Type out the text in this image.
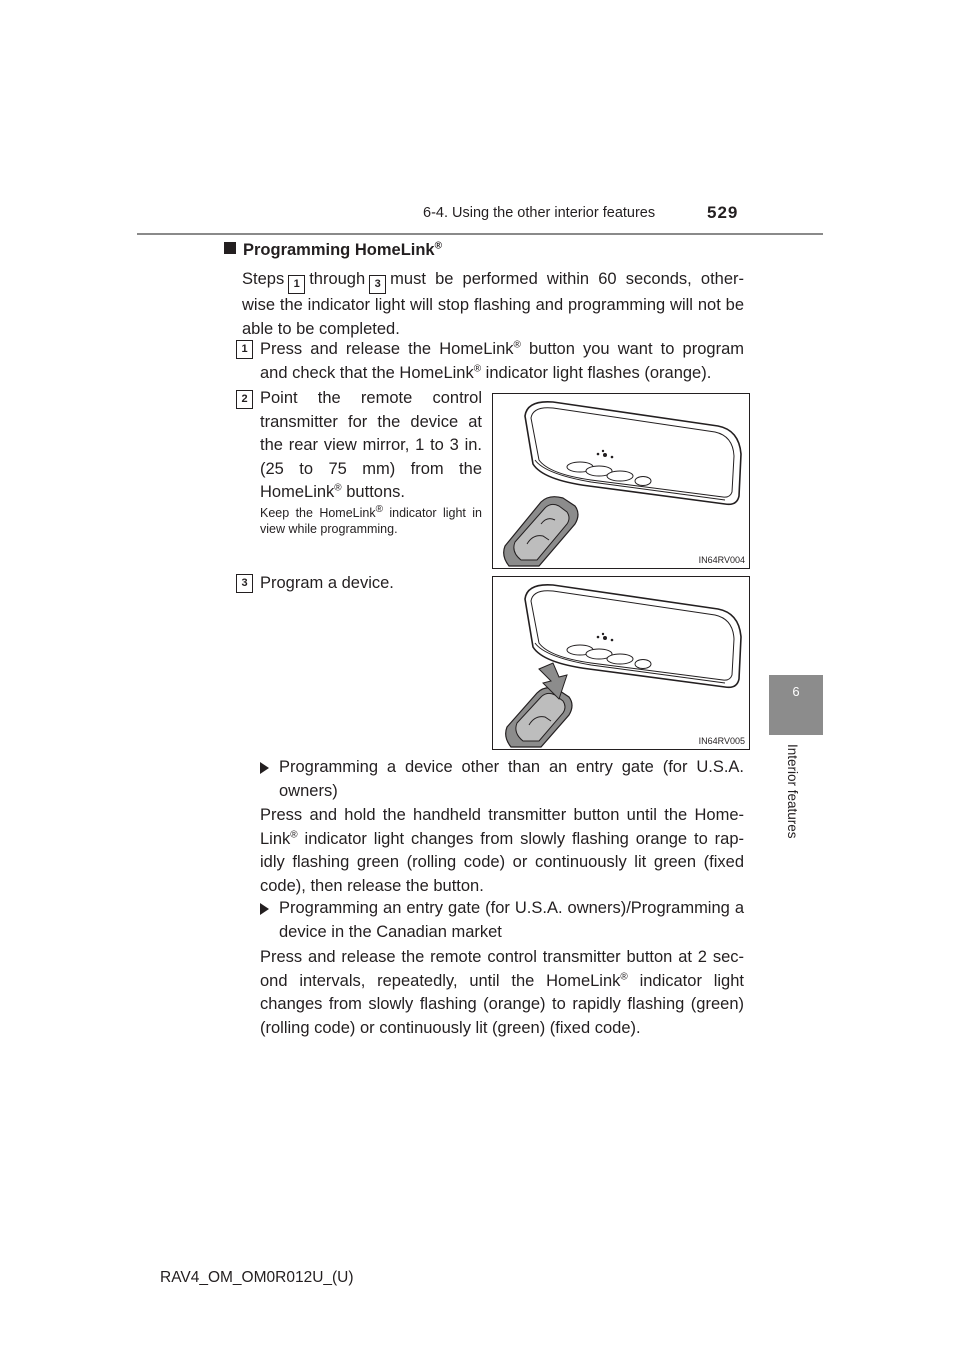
6-4. Using the other interior features	529
6
Interior features
Programming HomeLink®
Steps 1 through 3 must be performed within 60 seconds, other-wise the indicator light will stop flashing and programming will not be able to be completed.
1 Press and release the HomeLink® button you want to program and check that the HomeLink® indicator light flashes (orange).
2 Point the remote control transmitter for the device at the rear view mirror, 1 to 3 in. (25 to 75 mm) from the HomeLink® buttons.
Keep the HomeLink® indicator light in view while programming.
IN64RV004
3 Program a device.
IN64RV005
Programming a device other than an entry gate (for U.S.A. owners)
Press and hold the handheld transmitter button until the Home-Link® indicator light changes from slowly flashing orange to rap-idly flashing green (rolling code) or continuously lit green (fixed code), then release the button.
Programming an entry gate (for U.S.A. owners)/Programming a device in the Canadian market
Press and release the remote control transmitter button at 2 sec-ond intervals, repeatedly, until the HomeLink® indicator light changes from slowly flashing (orange) to rapidly flashing (green) (rolling code) or continuously lit (green) (fixed code).
RAV4_OM_OM0R012U_(U)
